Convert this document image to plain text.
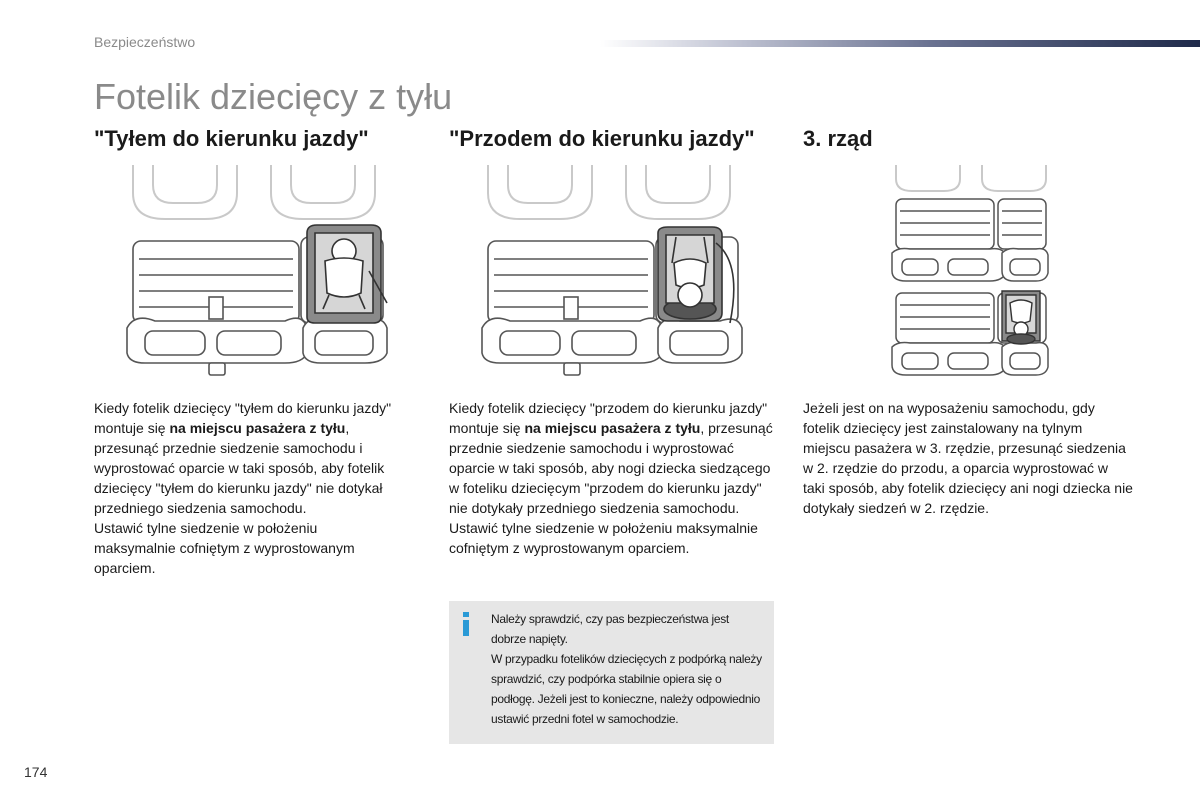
Bezpieczeństwo
Fotelik dziecięcy z tyłu
"Tyłem do kierunku jazdy"	"Przodem do kierunku jazdy" 3. rząd

Kiedy fotelik dziecięcy "tyłem do kierunku jazdy" montuje się na miejscu pasażera z tyłu, przesunąć przednie siedzenie samochodu i wyprostować oparcie w taki sposób, aby fotelik dziecięcy "tyłem do kierunku jazdy" nie dotykał przedniego siedzenia samochodu.

Ustawić tylne siedzenie w położeniu maksymalnie cofniętym z wyprostowanym oparciem.

Kiedy fotelik dziecięcy "przodem do kierunku jazdy" montuje się na miejscu pasażera z tyłu, przesunąć przednie siedzenie samochodu i wyprostować oparcie w taki sposób, aby nogi dziecka siedzącego w foteliku dziecięcym "przodem do kierunku jazdy" nie dotykały przedniego siedzenia samochodu.

Ustawić tylne siedzenie w położeniu maksymalnie cofniętym z wyprostowanym oparciem.

Jeżeli jest on na wyposażeniu samochodu, gdy fotelik dziecięcy jest zainstalowany na tylnym miejscu pasażera w 3. rzędzie, przesunąć siedzenia w 2. rzędzie do przodu, a oparcia wyprostować w taki sposób, aby fotelik dziecięcy ani nogi dziecka nie dotykały siedzeń w 2. rzędzie.

Należy sprawdzić, czy pas bezpieczeństwa jest dobrze napięty.

W przypadku fotelików dziecięcych z podpórką należy sprawdzić, czy podpórka stabilnie opiera się o podłogę. Jeżeli jest to konieczne, należy odpowiednio ustawić przedni fotel w samochodzie.

174
